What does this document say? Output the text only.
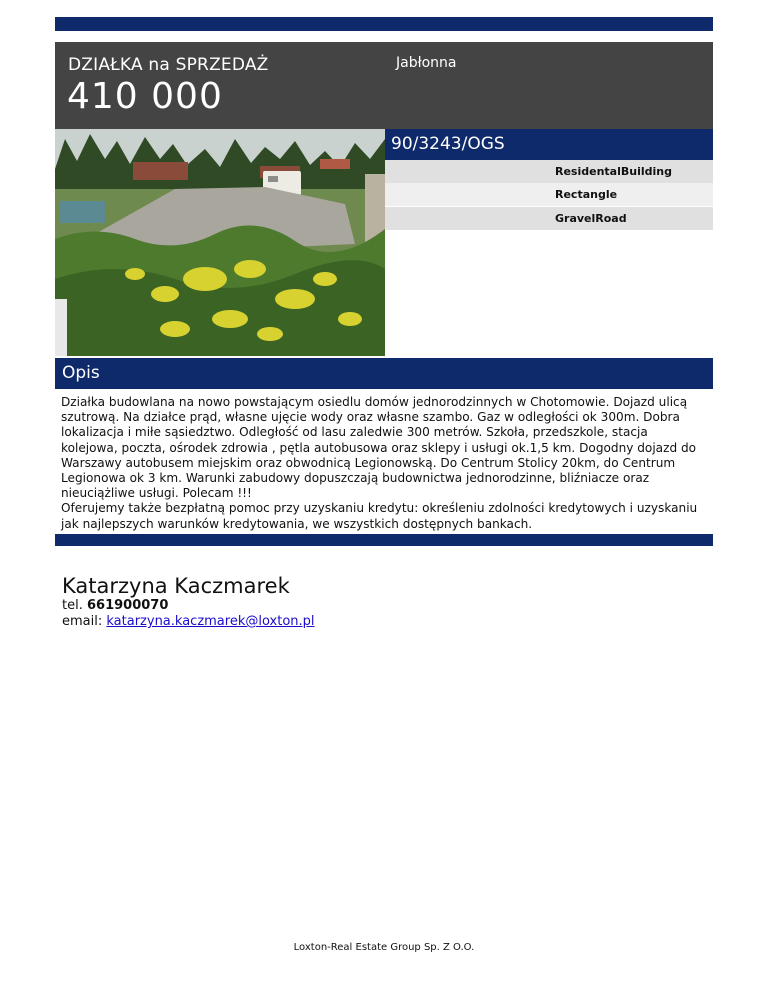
DZIAŁKA na SPRZEDAŻ
410 000
Jabłonna
90/3243/OGS
ResidentalBuilding
Rectangle
GravelRoad
Opis
Działka budowlana na nowo powstającym osiedlu domów jednorodzinnych w Chotomowie. Dojazd ulicą szutrową. Na działce prąd, własne ujęcie wody oraz własne szambo. Gaz w odległości ok 300m. Dobra lokalizacja i miłe sąsiedztwo. Odległość od lasu zaledwie 300 metrów. Szkoła, przedszkole, stacja kolejowa, poczta, ośrodek zdrowia , pętla autobusowa oraz sklepy i usługi ok.1,5 km. Dogodny dojazd do Warszawy autobusem miejskim oraz obwodnicą Legionowską. Do Centrum Stolicy 20km, do Centrum Legionowa ok 3 km. Warunki zabudowy dopuszczają budownictwa jednorodzinne, bliźniacze oraz nieuciążliwe usługi. Polecam !!!
Oferujemy także bezpłatną pomoc przy uzyskaniu kredytu: określeniu zdolności kredytowych i uzyskaniu jak najlepszych warunków kredytowania, we wszystkich dostępnych bankach.
Katarzyna Kaczmarek
tel. 661900070
email: katarzyna.kaczmarek@loxton.pl
Loxton-Real Estate Group Sp. Z O.O.
